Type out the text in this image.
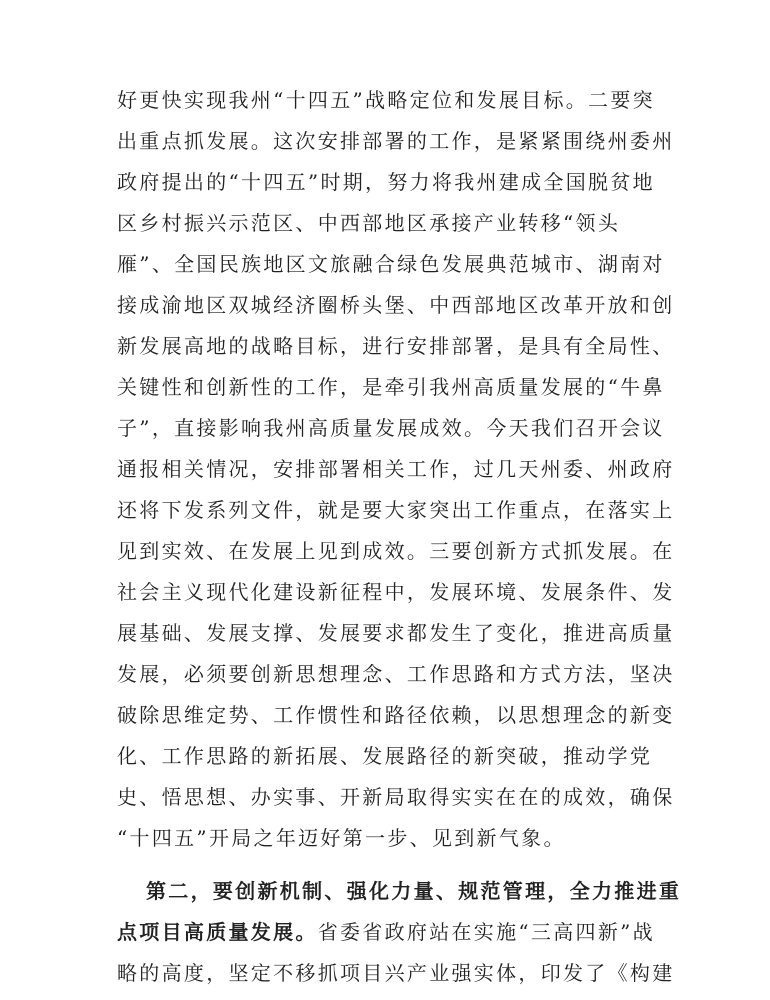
好更快实现我州“十四五”战略定位和发展目标。二要突
出重点抓发展。这次安排部署的工作，是紧紧围绕州委州
政府提出的“十四五”时期，努力将我州建成全国脱贫地
区乡村振兴示范区、中西部地区承接产业转移“领头
雁”、全国民族地区文旅融合绿色发展典范城市、湖南对
接成渝地区双城经济圈桥头堡、中西部地区改革开放和创
新发展高地的战略目标，进行安排部署，是具有全局性、
关键性和创新性的工作，是牵引我州高质量发展的“牛鼻
子”，直接影响我州高质量发展成效。今天我们召开会议
通报相关情况，安排部署相关工作，过几天州委、州政府
还将下发系列文件，就是要大家突出工作重点，在落实上
见到实效、在发展上见到成效。三要创新方式抓发展。在
社会主义现代化建设新征程中，发展环境、发展条件、发
展基础、发展支撑、发展要求都发生了变化，推进高质量
发展，必须要创新思想理念、工作思路和方式方法，坚决
破除思维定势、工作惯性和路径依赖，以思想理念的新变
化、工作思路的新拓展、发展路径的新突破，推动学党
史、悟思想、办实事、开新局取得实实在在的成效，确保
“十四五”开局之年迈好第一步、见到新气象。
第二，要创新机制、强化力量、规范管理，全力推进重
点项目高质量发展。省委省政府站在实施“三高四新”战
略的高度，坚定不移抓项目兴产业强实体，印发了《构建
